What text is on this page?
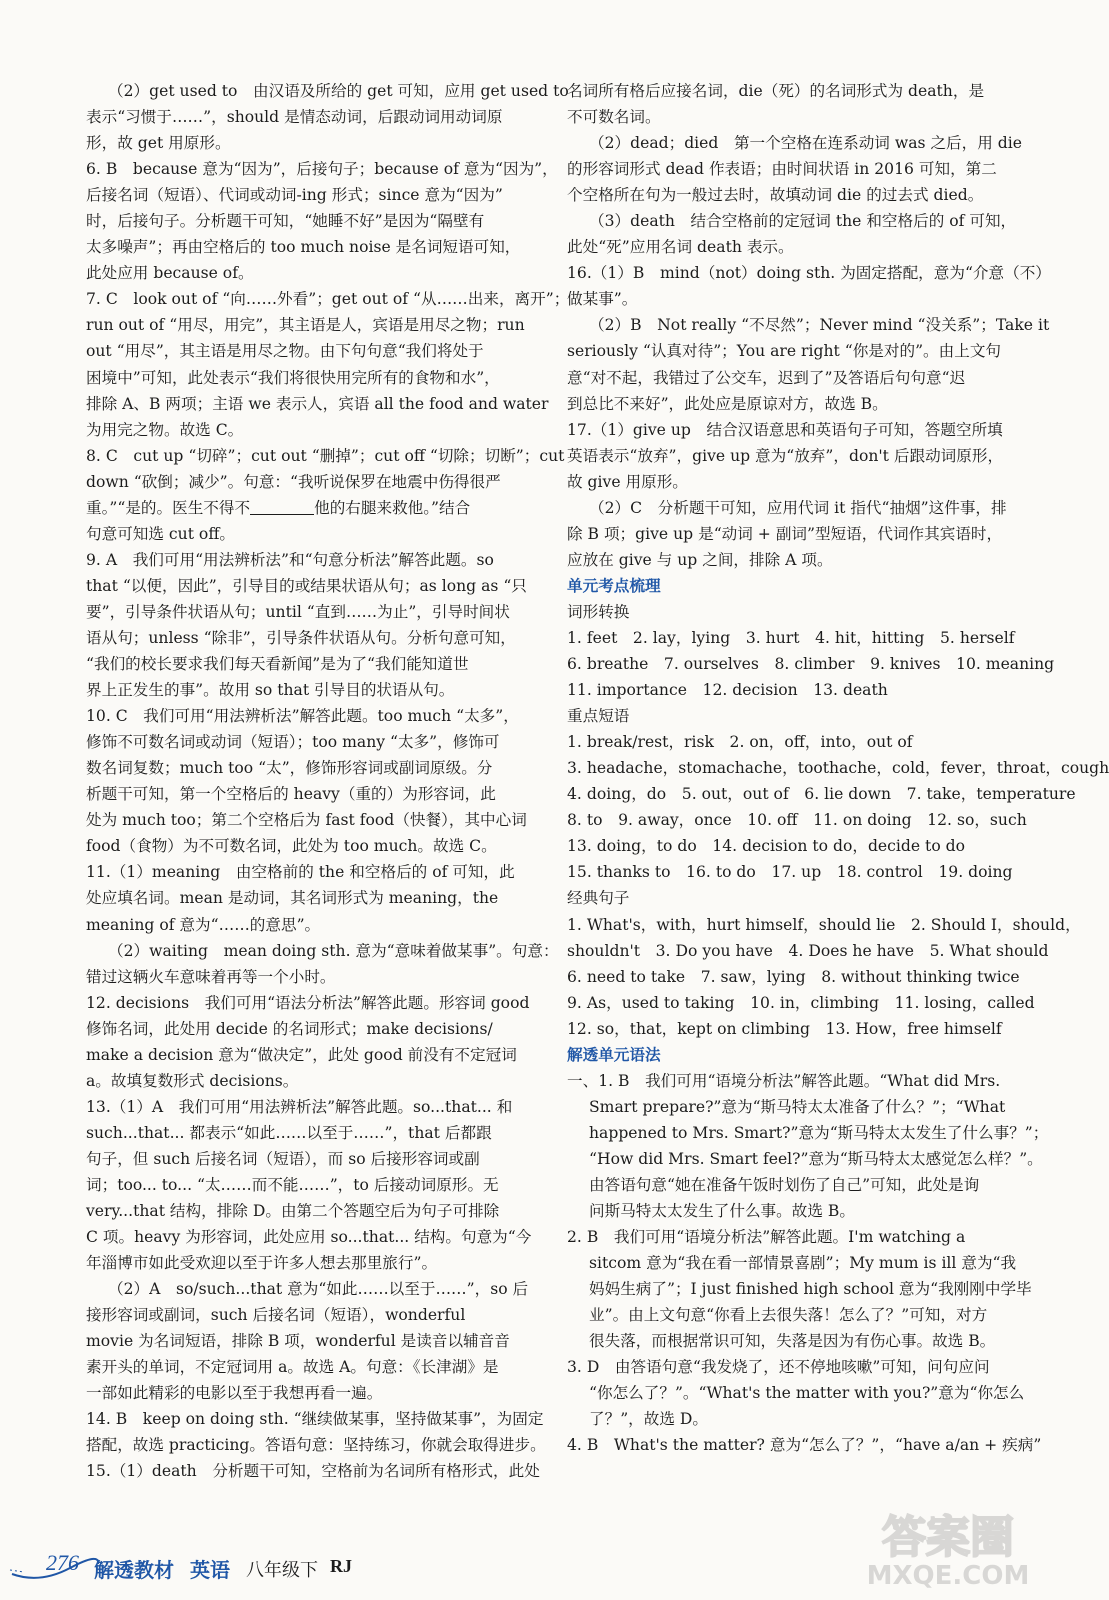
（2）get used to　由汉语及所给的 get 可知，应用 get used to
表示“习惯于……”，should 是情态动词，后跟动词用动词原
形，故 get 用原形。
6. B　because 意为“因为”，后接句子；because of 意为“因为”，
后接名词（短语）、代词或动词-ing 形式；since 意为“因为”
时，后接句子。分析题干可知，“她睡不好”是因为“隔壁有
太多噪声”；再由空格后的 too much noise 是名词短语可知，
此处应用 because of。
7. C　look out of “向……外看”；get out of “从……出来，离开”；
run out of “用尽，用完”，其主语是人，宾语是用尽之物；run
out “用尽”，其主语是用尽之物。由下句句意“我们将处于
困境中”可知，此处表示“我们将很快用完所有的食物和水”，
排除 A、B 两项；主语 we 表示人，宾语 all the food and water
为用完之物。故选 C。
8. C　cut up “切碎”；cut out “删掉”；cut off “切除；切断”；cut
down “砍倒；减少”。句意：“我听说保罗在地震中伤得很严
重。”“是的。医生不得不	他的右腿来救他。”结合
句意可知选 cut off。
9. A　我们可用“用法辨析法”和“句意分析法”解答此题。so
that “以便，因此”，引导目的或结果状语从句；as long as “只
要”，引导条件状语从句；until “直到……为止”，引导时间状
语从句；unless “除非”，引导条件状语从句。分析句意可知，
“我们的校长要求我们每天看新闻”是为了“我们能知道世
界上正发生的事”。故用 so that 引导目的状语从句。
10. C　我们可用“用法辨析法”解答此题。too much “太多”，
修饰不可数名词或动词（短语）；too many “太多”，修饰可
数名词复数；much too “太”，修饰形容词或副词原级。分
析题干可知，第一个空格后的 heavy（重的）为形容词，此
处为 much too；第二个空格后为 fast food（快餐），其中心词
food（食物）为不可数名词，此处为 too much。故选 C。
11.（1）meaning　由空格前的 the 和空格后的 of 可知，此
处应填名词。mean 是动词，其名词形式为 meaning，the
meaning of 意为“……的意思”。
（2）waiting　mean doing sth. 意为“意味着做某事”。句意：
错过这辆火车意味着再等一个小时。
12. decisions　我们可用“语法分析法”解答此题。形容词 good
修饰名词，此处用 decide 的名词形式；make decisions/
make a decision 意为“做决定”，此处 good 前没有不定冠词
a。故填复数形式 decisions。
13.（1）A　我们可用“用法辨析法”解答此题。so...that... 和
such...that... 都表示“如此……以至于……”，that 后都跟
句子，但 such 后接名词（短语），而 so 后接形容词或副
词；too... to... “太……而不能……”，to 后接动词原形。无
very...that 结构，排除 D。由第二个答题空后为句子可排除
C 项。heavy 为形容词，此处应用 so...that... 结构。句意为“今
年淄博市如此受欢迎以至于许多人想去那里旅行”。
（2）A　so/such...that 意为“如此……以至于……”，so 后
接形容词或副词，such 后接名词（短语），wonderful
movie 为名词短语，排除 B 项，wonderful 是读音以辅音音
素开头的单词，不定冠词用 a。故选 A。句意：《长津湖》是
一部如此精彩的电影以至于我想再看一遍。
14. B　keep on doing sth. “继续做某事，坚持做某事”，为固定
搭配，故选 practicing。答语句意：坚持练习，你就会取得进步。
15.（1）death　分析题干可知，空格前为名词所有格形式，此处
名词所有格后应接名词，die（死）的名词形式为 death，是
不可数名词。
（2）dead；died　第一个空格在连系动词 was 之后，用 die
的形容词形式 dead 作表语；由时间状语 in 2016 可知，第二
个空格所在句为一般过去时，故填动词 die 的过去式 died。
（3）death　结合空格前的定冠词 the 和空格后的 of 可知，
此处“死”应用名词 death 表示。
16.（1）B　mind（not）doing sth. 为固定搭配，意为“介意（不）
做某事”。
（2）B　Not really “不尽然”；Never mind “没关系”；Take it
seriously “认真对待”；You are right “你是对的”。由上文句
意“对不起，我错过了公交车，迟到了”及答语后句句意“迟
到总比不来好”，此处应是原谅对方，故选 B。
17.（1）give up　结合汉语意思和英语句子可知，答题空所填
英语表示“放弃”，give up 意为“放弃”，don't 后跟动词原形，
故 give 用原形。
（2）C　分析题干可知，应用代词 it 指代“抽烟”这件事，排
除 B 项；give up 是“动词 + 副词”型短语，代词作其宾语时，
应放在 give 与 up 之间，排除 A 项。
单元考点梳理
词形转换
1. feet　2. lay，lying　3. hurt　4. hit，hitting　5. herself
6. breathe　7. ourselves　8. climber　9. knives　10. meaning
11. importance　12. decision　13. death
重点短语
1. break/rest，risk　2. on，off，into，out of
3. headache，stomachache，toothache，cold，fever，throat，cough
4. doing，do　5. out，out of　6. lie down　7. take，temperature
8. to　9. away，once　10. off　11. on doing　12. so，such
13. doing，to do　14. decision to do，decide to do
15. thanks to　16. to do　17. up　18. control　19. doing
经典句子
1. What's，with，hurt himself，should lie　2. Should I，should，
shouldn't　3. Do you have　4. Does he have　5. What should
6. need to take　7. saw，lying　8. without thinking twice
9. As，used to taking　10. in，climbing　11. losing，called
12. so，that，kept on climbing　13. How，free himself
解透单元语法
一、1. B　我们可用“语境分析法”解答此题。“What did Mrs.
Smart prepare?”意为“斯马特太太准备了什么？”；“What
happened to Mrs. Smart?”意为“斯马特太太发生了什么事？”；
“How did Mrs. Smart feel?”意为“斯马特太太感觉怎么样？”。
由答语句意“她在准备午饭时划伤了自己”可知，此处是询
问斯马特太太发生了什么事。故选 B。
2. B　我们可用“语境分析法”解答此题。I'm watching a
sitcom 意为“我在看一部情景喜剧”；My mum is ill 意为“我
妈妈生病了”；I just finished high school 意为“我刚刚中学毕
业”。由上文句意“你看上去很失落！怎么了？”可知，对方
很失落，而根据常识可知，失落是因为有伤心事。故选 B。
3. D　由答语句意“我发烧了，还不停地咳嗽”可知，问句应问
“你怎么了？”。“What's the matter with you?”意为“你怎么
了？”，故选 D。
4. B　What's the matter? 意为“怎么了？”，“have a/an + 疾病”
276 解透教材 英语 八年级下 RJ
答案圈
MXQE.COM
